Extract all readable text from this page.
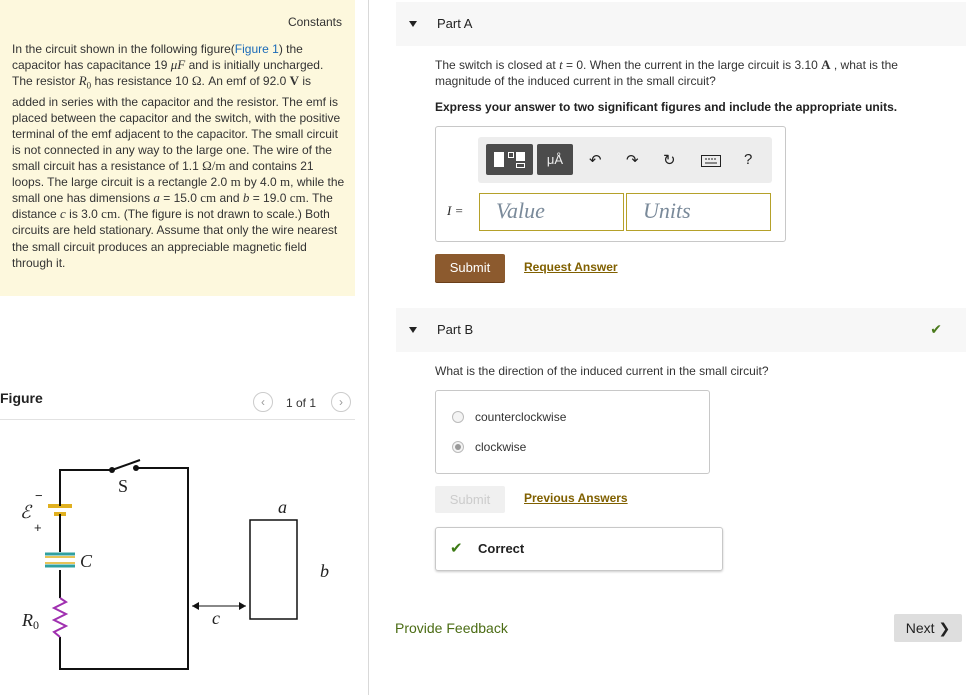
Constants
In the circuit shown in the following figure(Figure 1) the capacitor has capacitance 19 μF and is initially uncharged. The resistor $R_0$ has resistance 10 Ω. An emf of 92.0 V is added in series with the capacitor and the resistor. The emf is placed between the capacitor and the switch, with the positive terminal of the emf adjacent to the capacitor. The small circuit is not connected in any way to the large one. The wire of the small circuit has a resistance of 1.1 Ω/m and contains 21 loops. The large circuit is a rectangle 2.0 m by 4.0 m, while the small one has dimensions a = 15.0 cm and b = 19.0 cm. The distance c is 3.0 cm. (The figure is not drawn to scale.) Both circuits are held stationary. Assume that only the wire nearest the small circuit produces an appreciable magnetic field through it.
Figure	‹	1 of 1	›
ℰ
−
+
S
C
R0
a
b
c
Part A
The switch is closed at t = 0. When the current in the large circuit is 3.10 A , what is the magnitude of the induced current in the small circuit?
Express your answer to two significant figures and include the appropriate units.
μÅ	↶ ↷ ↻	?
I =	Value	Units
Submit	Request Answer
Part B	✔
What is the direction of the induced current in the small circuit?
counterclockwise
clockwise
Submit	Previous Answers
✔ Correct
Provide Feedback	Next ❯
